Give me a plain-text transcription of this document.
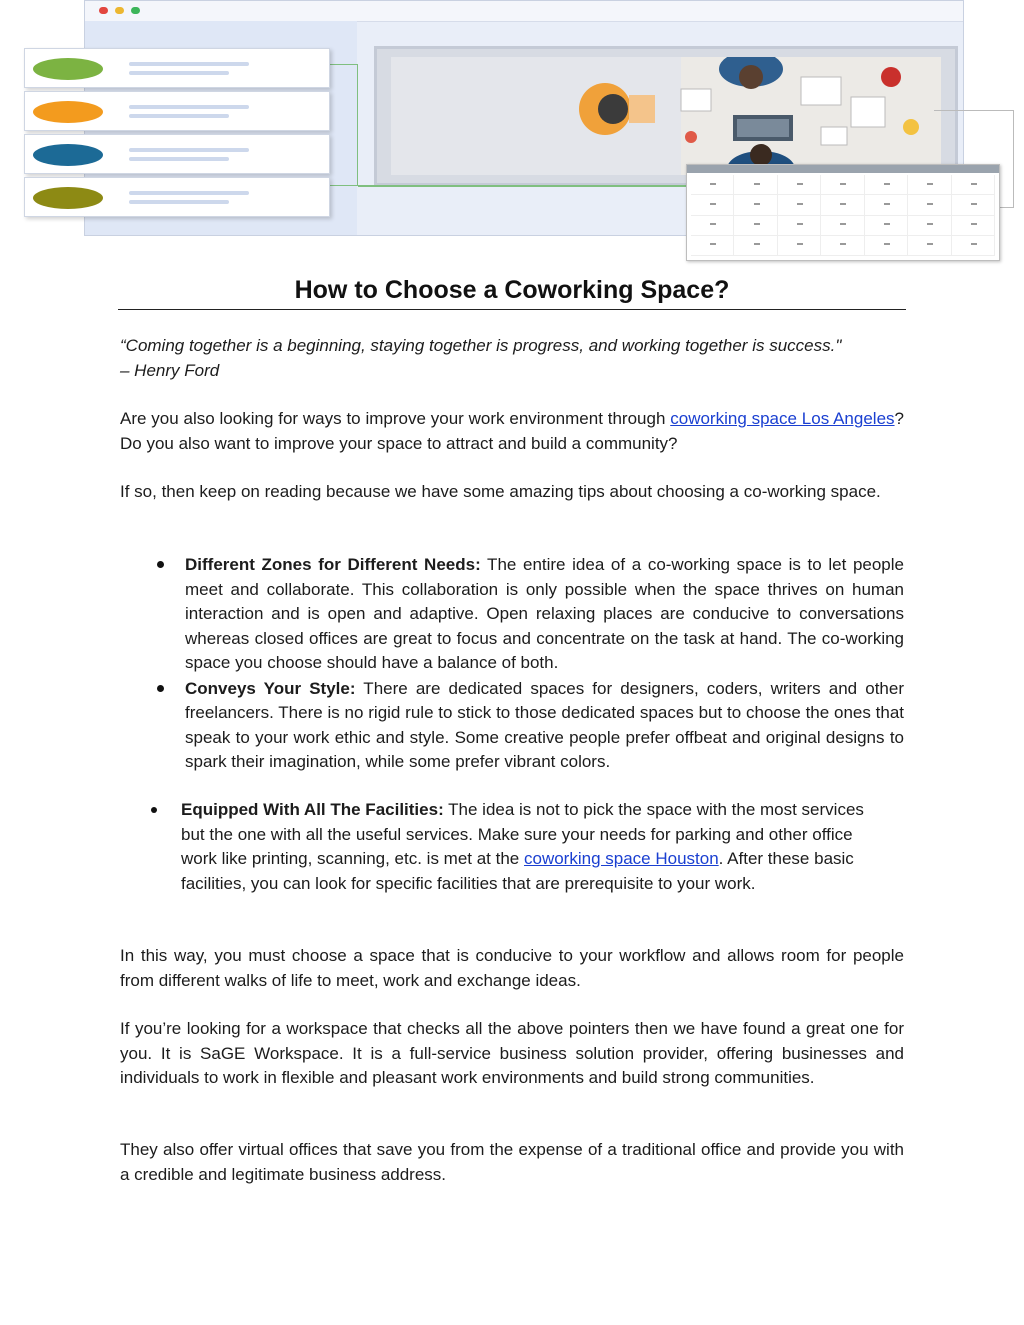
How to Choose a Coworking Space?

“Coming together is a beginning, staying together is progress, and working together is success."

– Henry Ford

Are you also looking for ways to improve your work environment through coworking space Los Angeles? Do you also want to improve your space to attract and build a community?

If so, then keep on reading because we have some amazing tips about choosing a co-working space.

Different Zones for Different Needs: The entire idea of a co-working space is to let people meet and collaborate. This collaboration is only possible when the space thrives on human interaction and is open and adaptive. Open relaxing places are conducive to conversations whereas closed offices are great to focus and concentrate on the task at hand. The co-working space you choose should have a balance of both.

Conveys Your Style: There are dedicated spaces for designers, coders, writers and other freelancers. There is no rigid rule to stick to those dedicated spaces but to choose the ones that speak to your work ethic and style. Some creative people prefer offbeat and original designs to spark their imagination, while some prefer vibrant colors.

Equipped With All The Facilities: The idea is not to pick the space with the most services but the one with all the useful services. Make sure your needs for parking and other office work like printing, scanning, etc. is met at the coworking space Houston. After these basic facilities, you can look for specific facilities that are prerequisite to your work.

In this way, you must choose a space that is conducive to your workflow and allows room for people from different walks of life to meet, work and exchange ideas.

If you’re looking for a workspace that checks all the above pointers then we have found a great one for you. It is SaGE Workspace. It is a full-service business solution provider, offering businesses and individuals to work in flexible and pleasant work environments and build strong communities.

They also offer virtual offices that save you from the expense of a traditional office and provide you with a credible and legitimate business address.
